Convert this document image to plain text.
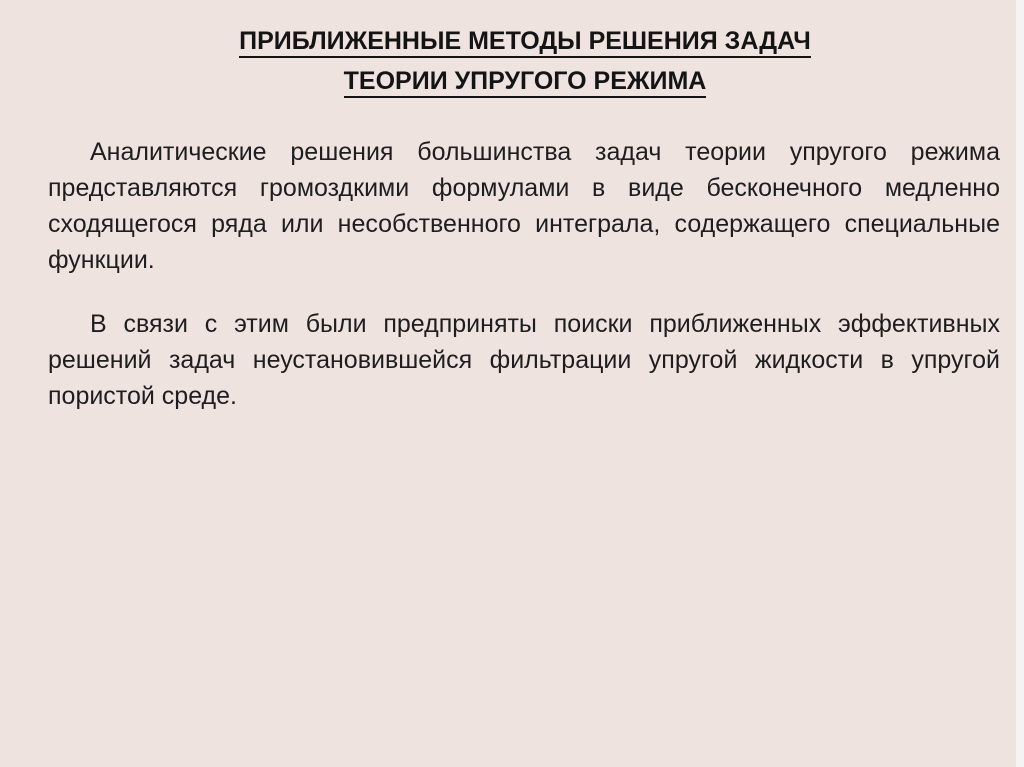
ПРИБЛИЖЕННЫЕ МЕТОДЫ РЕШЕНИЯ ЗАДАЧ
ТЕОРИИ УПРУГОГО РЕЖИМА

Аналитические решения большинства задач теории упругого режима представляются громоздкими формулами в виде бесконечного медленно сходящегося ряда или несобственного интеграла, содержащего специальные функции.

В связи с этим были предприняты поиски приближенных эффективных решений задач неустановившейся фильтрации упругой жидкости в упругой пористой среде.
